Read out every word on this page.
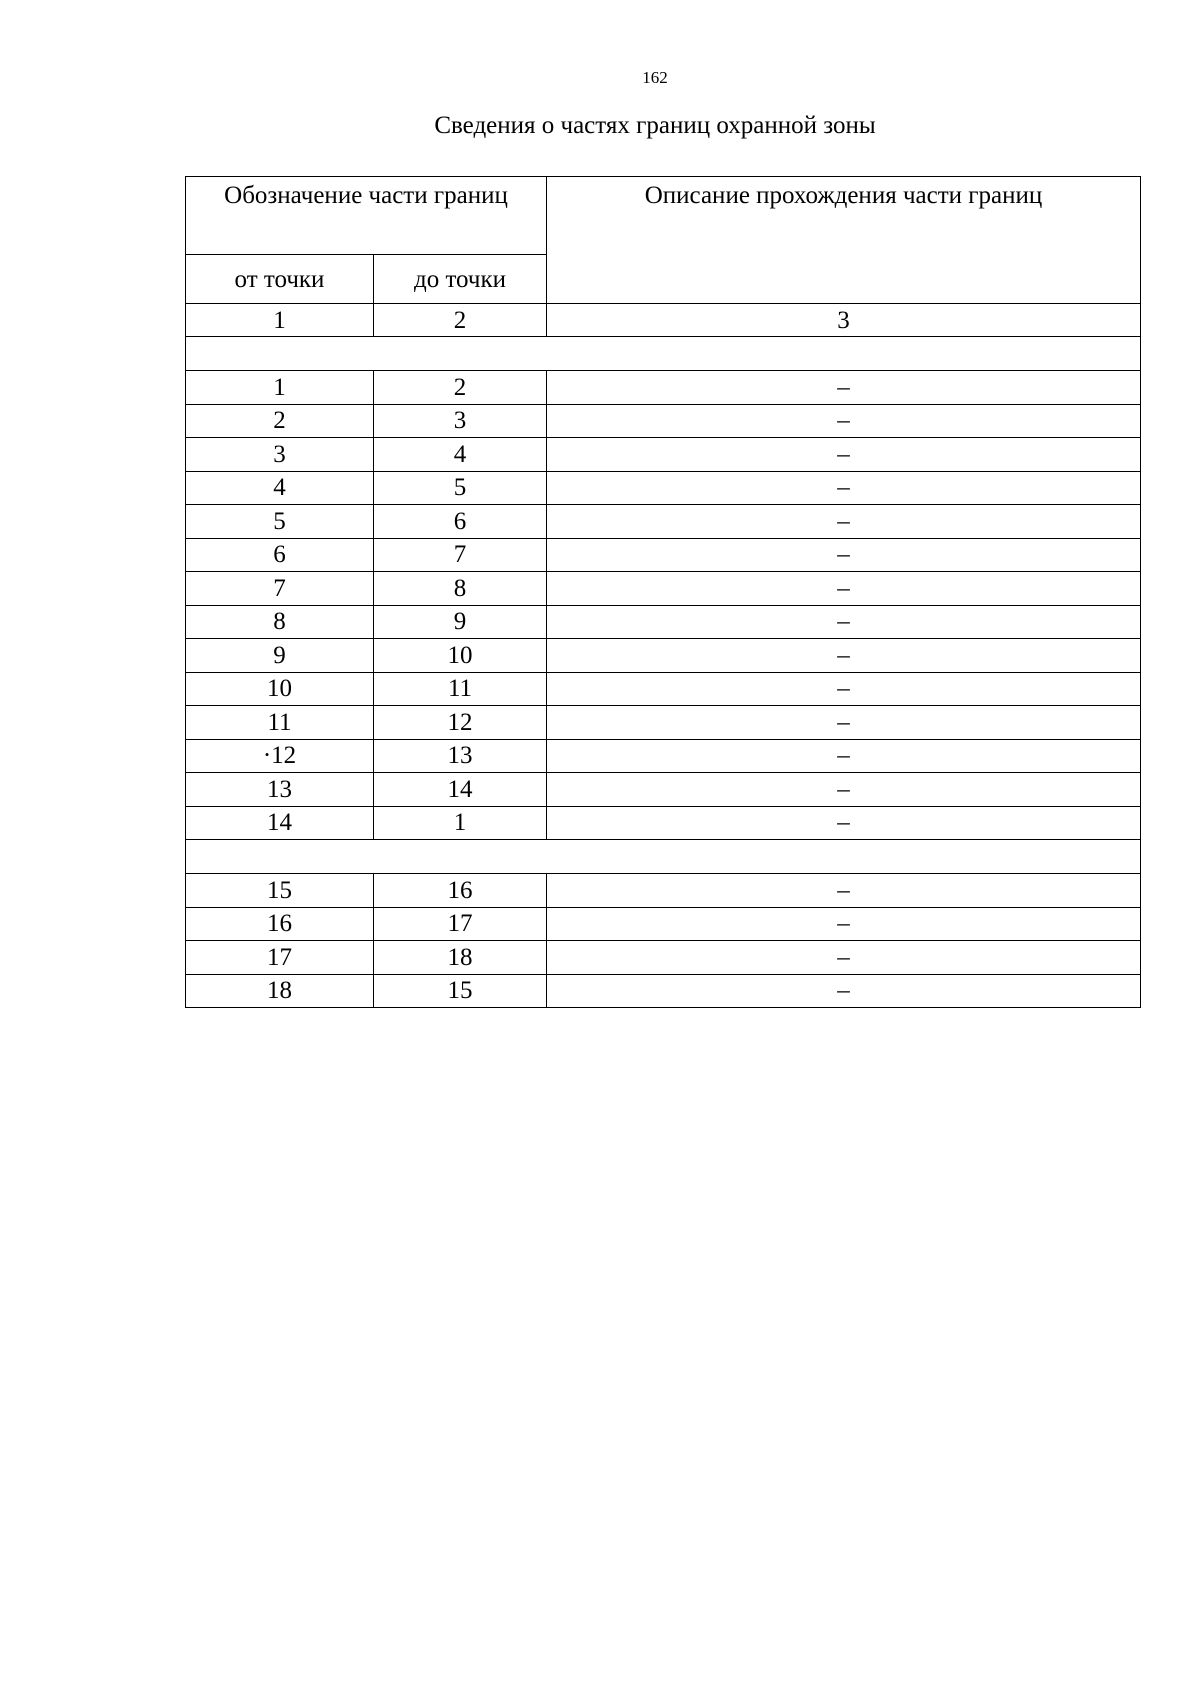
162
Сведения о частях границ охранной зоны
Обозначение части границ		Описание прохождения части границ
от точки	до точки	
1	2	3

1	2	–
2	3	–
3	4	–
4	5	–
5	6	–
6	7	–
7	8	–
8	9	–
9	10	–
10	11	–
11	12	–
·12	13	–
13	14	–
14	1	–

15	16	–
16	17	–
17	18	–
18	15	–
